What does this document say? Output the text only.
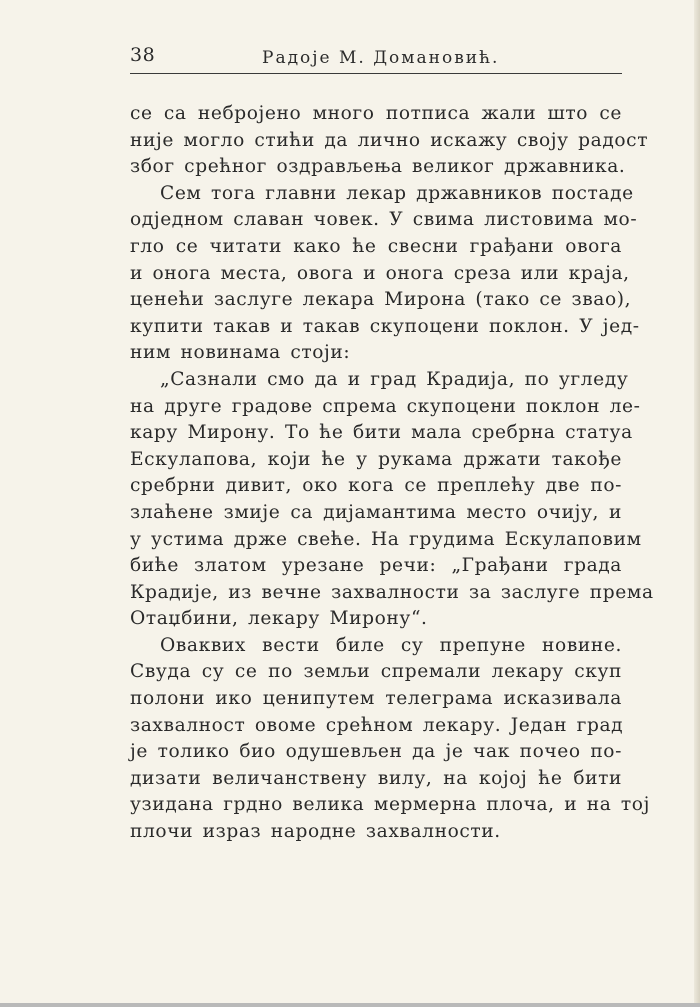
38	Радоје М. Домановић.
се са небројено много потписа жали што се
није могло стићи да лично искажу своју радост
због срећног оздрављења великог државника.
Сем тога главни лекар државников постаде
одједном славан човек. У свима листовима мо-
гло се читати како ће свесни грађани овога
и онога места, овога и онога среза или краја,
ценећи заслуге лекара Мирона (тако се звао),
купити такав и такав скупоцени поклон. У јед-
ним новинама стоји:
„Сазнали смо да и град Крадија, по угледу
на друге градове спрема скупоцени поклон ле-
кару Мирону. То ће бити мала сребрна статуа
Ескулапова, који ће у рукама држати такође
сребрни дивит, око кога се преплећу две по-
злаћене змије са дијамантима место очију, и
у устима држе свеће. На грудима Ескулаповим
биће златом урезане речи: „Грађани града
Крадије, из вечне захвалности за заслуге према
Отаџбини, лекару Мирону“.
Оваквих вести биле су препуне новине.
Свуда су се по земљи спремали лекару скуп
полони ико ценипутем телеграма исказивала
захвалност овоме срећном лекару. Један град
је толико био одушевљен да је чак почео по-
дизати величанствену вилу, на којој ће бити
узидана грдно велика мермерна плоча, и на тој
плочи израз народне захвалности.
